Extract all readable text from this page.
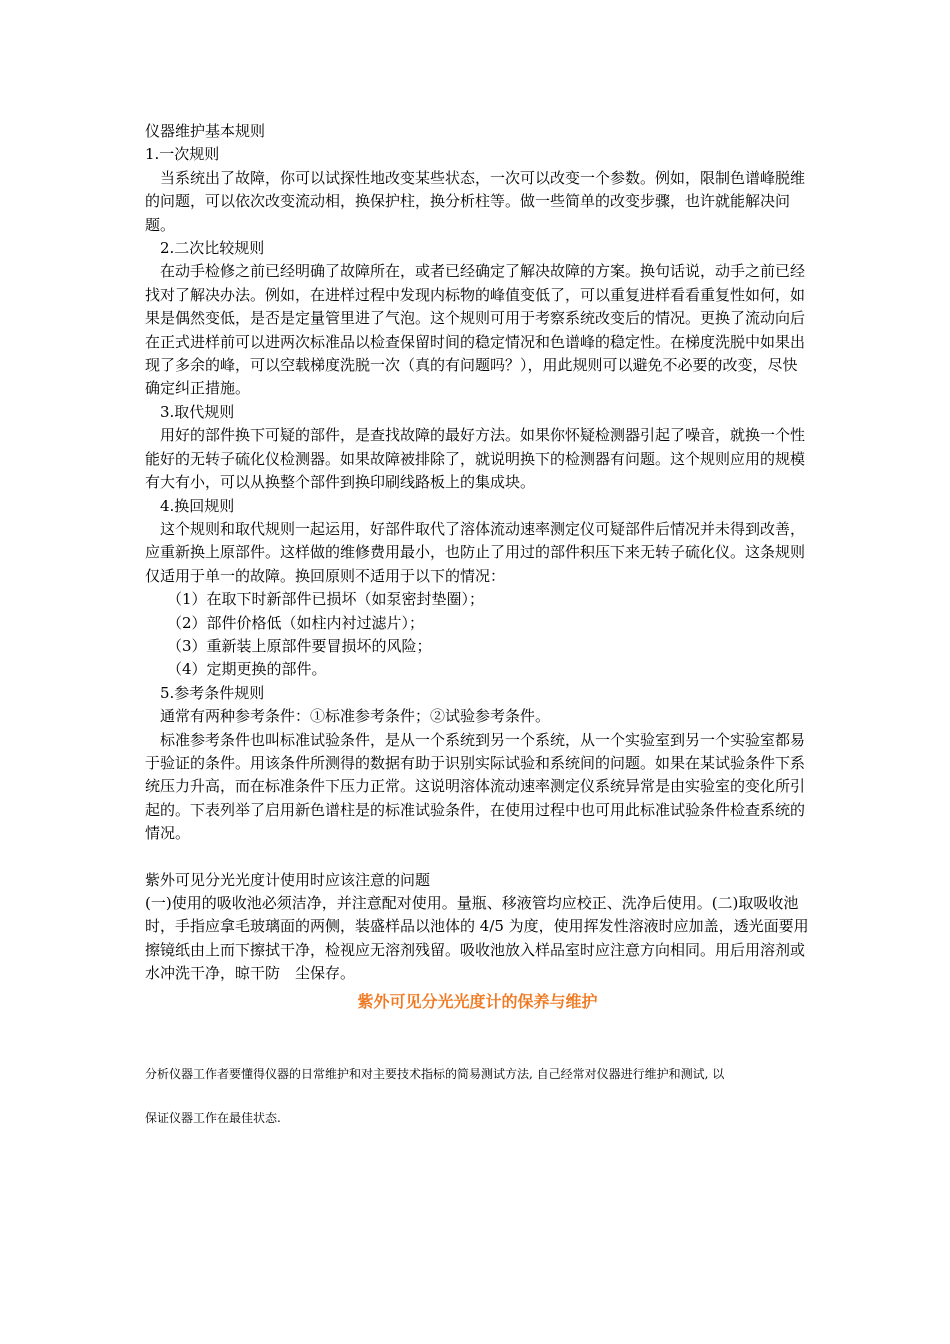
仪器维护基本规则

1.一次规则

当系统出了故障，你可以试探性地改变某些状态，一次可以改变一个参数。例如，限制色谱峰脱维的问题，可以依次改变流动相，换保护柱，换分析柱等。做一些简单的改变步骤，也许就能解决问题。

2.二次比较规则

在动手检修之前已经明确了故障所在，或者已经确定了解决故障的方案。换句话说，动手之前已经找对了解决办法。例如，在进样过程中发现内标物的峰值变低了，可以重复进样看看重复性如何，如果是偶然变低，是否是定量管里进了气泡。这个规则可用于考察系统改变后的情况。更换了流动向后在正式进样前可以进两次标准品以检查保留时间的稳定情况和色谱峰的稳定性。在梯度洗脱中如果出现了多余的峰，可以空载梯度洗脱一次（真的有问题吗？），用此规则可以避免不必要的改变，尽快确定纠正措施。

3.取代规则

用好的部件换下可疑的部件，是查找故障的最好方法。如果你怀疑检测器引起了噪音，就换一个性能好的无转子硫化仪检测器。如果故障被排除了，就说明换下的检测器有问题。这个规则应用的规模有大有小，可以从换整个部件到换印刷线路板上的集成块。

4.换回规则

这个规则和取代规则一起运用，好部件取代了溶体流动速率测定仪可疑部件后情况并未得到改善，应重新换上原部件。这样做的维修费用最小，也防止了用过的部件积压下来无转子硫化仪。这条规则仅适用于单一的故障。换回原则不适用于以下的情况：

（1）在取下时新部件已损坏（如泵密封垫圈）；

（2）部件价格低（如柱内衬过滤片）；

（3）重新装上原部件要冒损坏的风险；

（4）定期更换的部件。

5.参考条件规则

通常有两种参考条件：①标准参考条件；②试验参考条件。

标准参考条件也叫标准试验条件，是从一个系统到另一个系统，从一个实验室到另一个实验室都易于验证的条件。用该条件所测得的数据有助于识别实际试验和系统间的问题。如果在某试验条件下系统压力升高，而在标准条件下压力正常。这说明溶体流动速率测定仪系统异常是由实验室的变化所引起的。下表列举了启用新色谱柱是的标准试验条件，在使用过程中也可用此标准试验条件检查系统的情况。

紫外可见分光光度计使用时应该注意的问题

(一)使用的吸收池必须洁净，并注意配对使用。量瓶、移液管均应校正、洗净后使用。(二)取吸收池时，手指应拿毛玻璃面的两侧，装盛样品以池体的 4/5 为度，使用挥发性溶液时应加盖，透光面要用擦镜纸由上而下擦拭干净，检视应无溶剂残留。吸收池放入样品室时应注意方向相同。用后用溶剂或水冲洗干净，晾干防　尘保存。

紫外可见分光光度计的保养与维护

分析仪器工作者要懂得仪器的日常维护和对主要技术指标的简易测试方法, 自己经常对仪器进行维护和测试, 以

保证仪器工作在最佳状态.
